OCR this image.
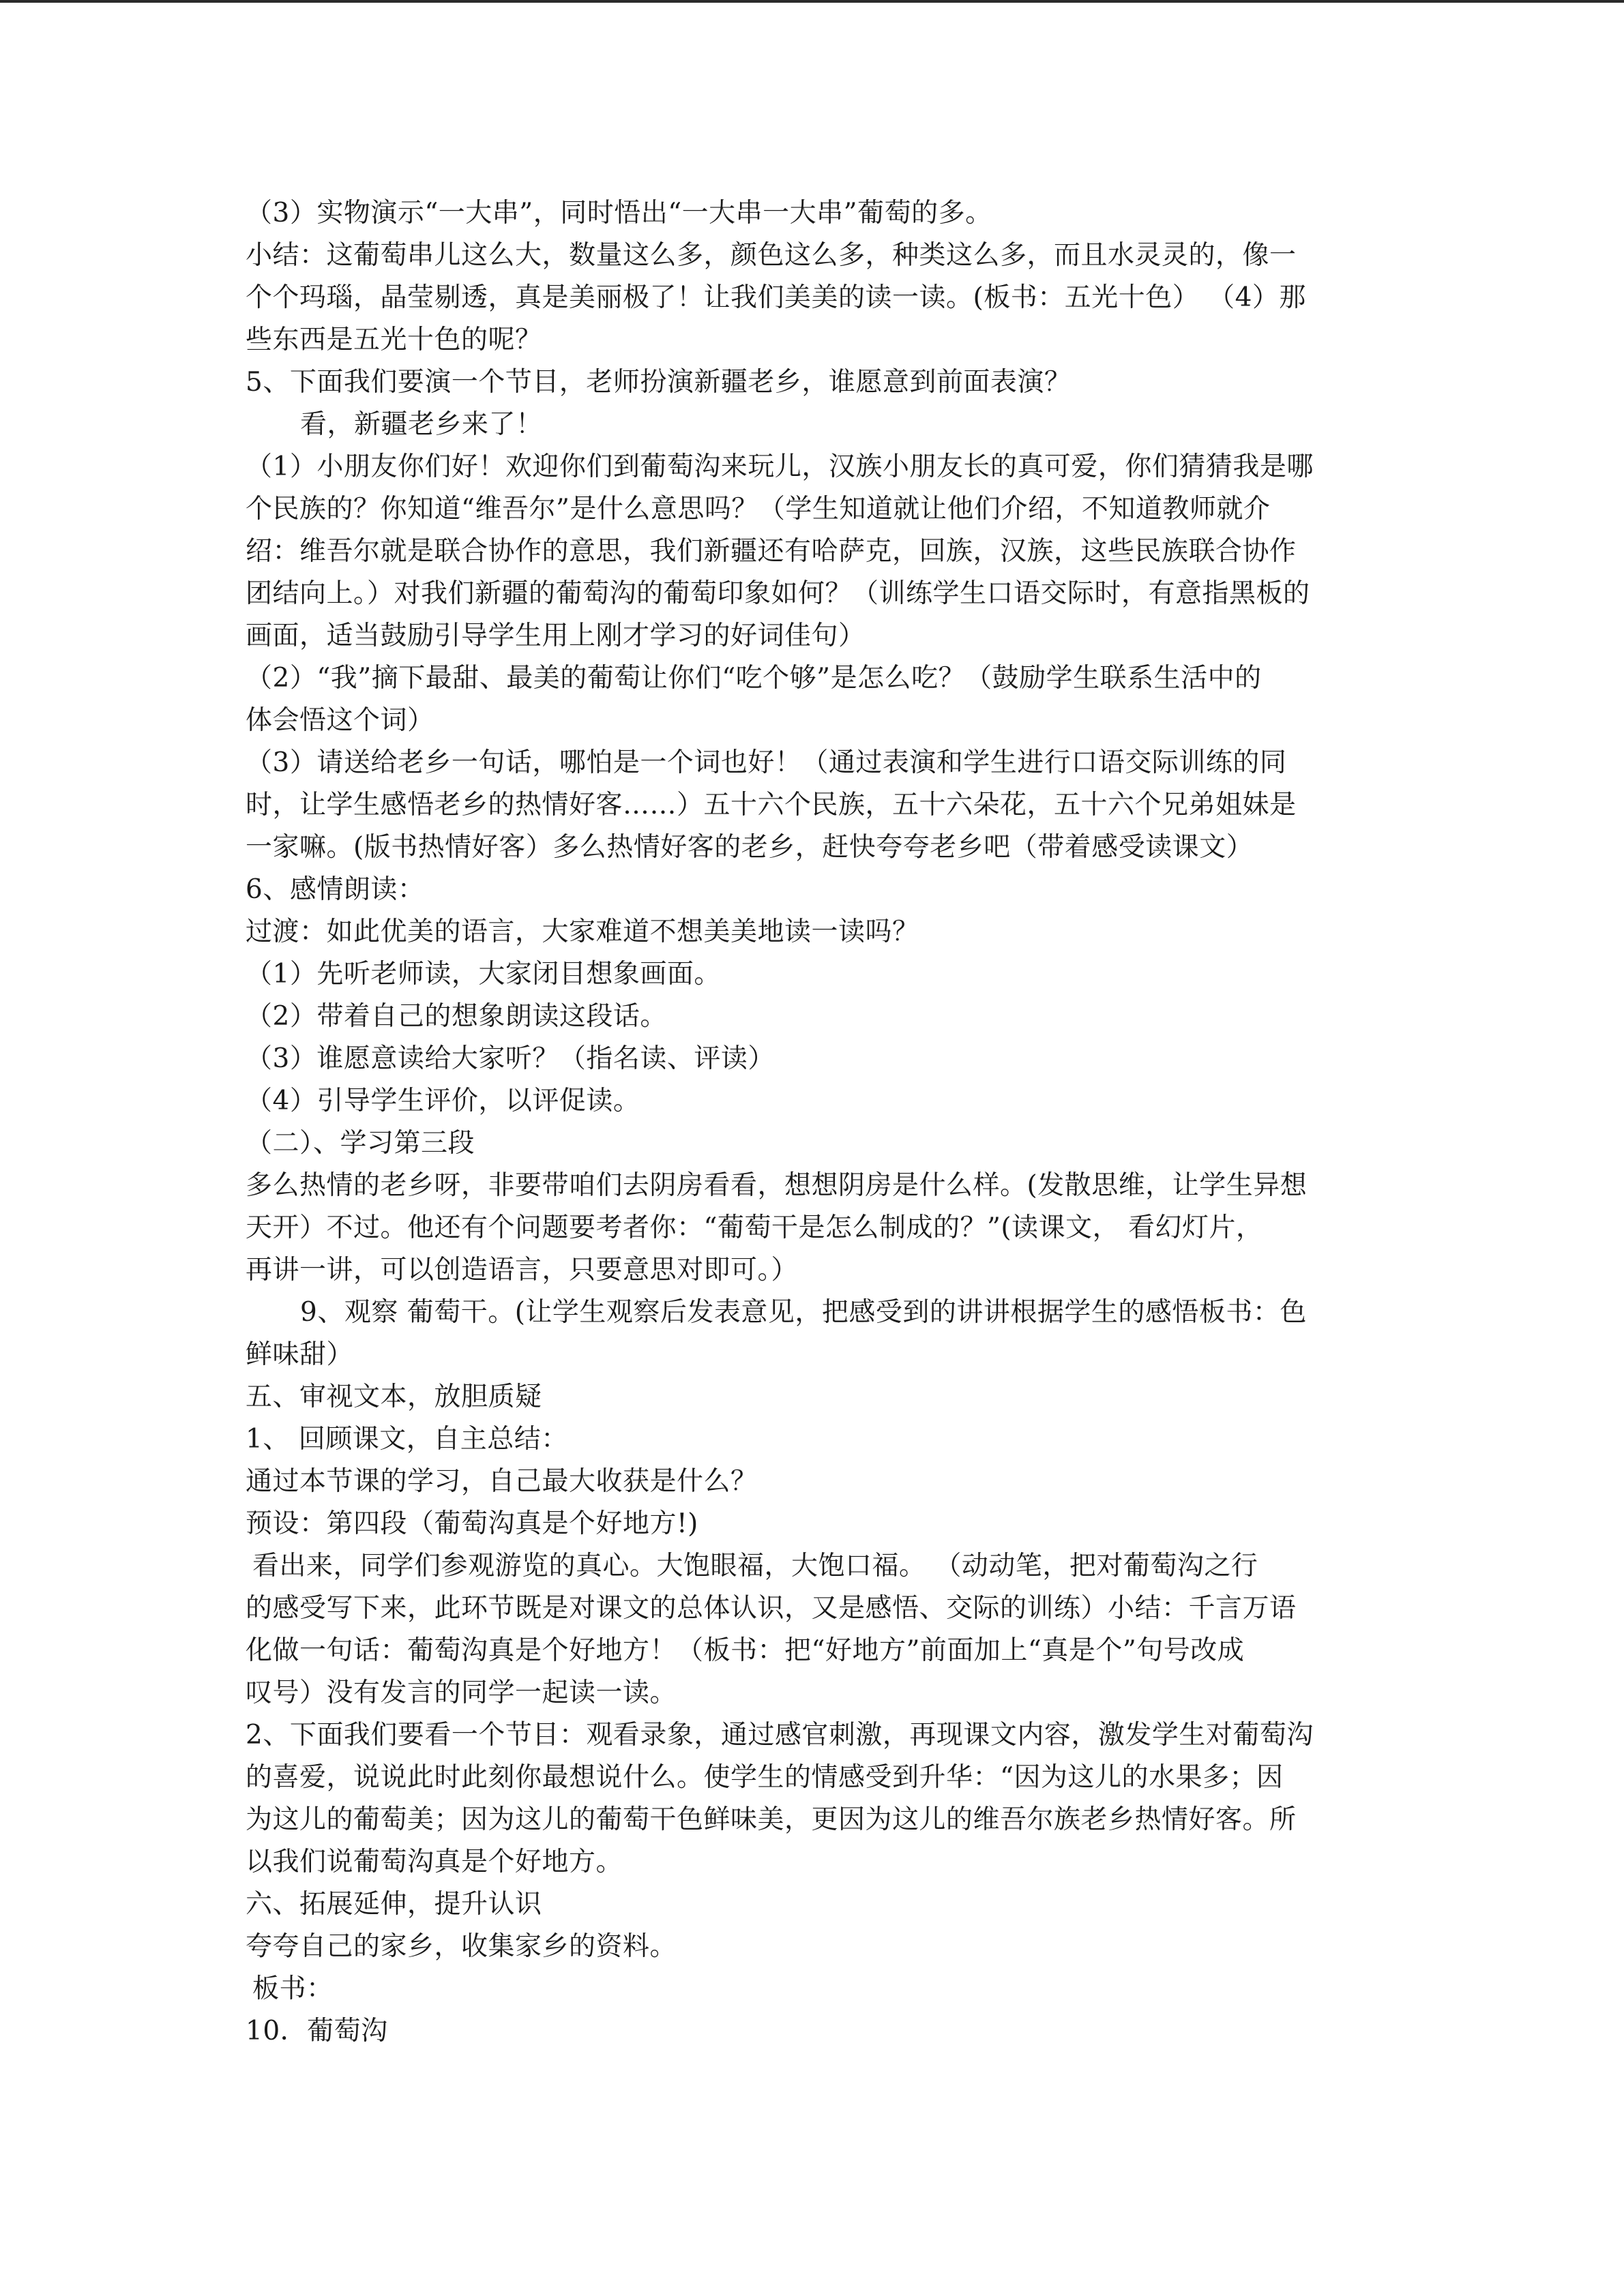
（3）实物演示“一大串”，同时悟出“一大串一大串”葡萄的多。
小结：这葡萄串儿这么大，数量这么多，颜色这么多，种类这么多，而且水灵灵的，像一
个个玛瑙，晶莹剔透，真是美丽极了！让我们美美的读一读。(板书：五光十色） （4）那
些东西是五光十色的呢？
5、下面我们要演一个节目，老师扮演新疆老乡，谁愿意到前面表演？
看，新疆老乡来了！
（1）小朋友你们好！欢迎你们到葡萄沟来玩儿，汉族小朋友长的真可爱，你们猜猜我是哪
个民族的？你知道“维吾尔”是什么意思吗？（学生知道就让他们介绍，不知道教师就介
绍：维吾尔就是联合协作的意思，我们新疆还有哈萨克，回族，汉族，这些民族联合协作
团结向上。）对我们新疆的葡萄沟的葡萄印象如何？（训练学生口语交际时，有意指黑板的
画面，适当鼓励引导学生用上刚才学习的好词佳句）
（2）“我”摘下最甜、最美的葡萄让你们“吃个够”是怎么吃？（鼓励学生联系生活中的
体会悟这个词）
（3）请送给老乡一句话，哪怕是一个词也好！（通过表演和学生进行口语交际训练的同
时，让学生感悟老乡的热情好客……）五十六个民族，五十六朵花，五十六个兄弟姐妹是
一家嘛。(版书热情好客）多么热情好客的老乡，赶快夸夸老乡吧（带着感受读课文）
6、感情朗读：
过渡：如此优美的语言，大家难道不想美美地读一读吗？
（1）先听老师读，大家闭目想象画面。
（2）带着自己的想象朗读这段话。
（3）谁愿意读给大家听？（指名读、评读）
（4）引导学生评价，以评促读。
（二）、学习第三段
多么热情的老乡呀，非要带咱们去阴房看看，想想阴房是什么样。(发散思维，让学生异想
天开）不过。他还有个问题要考者你：“葡萄干是怎么制成的？”(读课文， 看幻灯片，
再讲一讲，可以创造语言，只要意思对即可。）
9、观察 葡萄干。(让学生观察后发表意见，把感受到的讲讲根据学生的感悟板书：色
鲜味甜）
五、审视文本，放胆质疑
1、 回顾课文，自主总结：
通过本节课的学习，自己最大收获是什么？
预设：第四段（葡萄沟真是个好地方!)
看出来，同学们参观游览的真心。大饱眼福，大饱口福。 （动动笔，把对葡萄沟之行
的感受写下来，此环节既是对课文的总体认识，又是感悟、交际的训练）小结：千言万语
化做一句话：葡萄沟真是个好地方！（板书：把“好地方”前面加上“真是个”句号改成
叹号）没有发言的同学一起读一读。
2、下面我们要看一个节目：观看录象，通过感官刺激，再现课文内容，激发学生对葡萄沟
的喜爱，说说此时此刻你最想说什么。使学生的情感受到升华：“因为这儿的水果多；因
为这儿的葡萄美；因为这儿的葡萄干色鲜味美，更因为这儿的维吾尔族老乡热情好客。所
以我们说葡萄沟真是个好地方。
六、拓展延伸，提升认识
夸夸自己的家乡，收集家乡的资料。
板书：
10．葡萄沟
